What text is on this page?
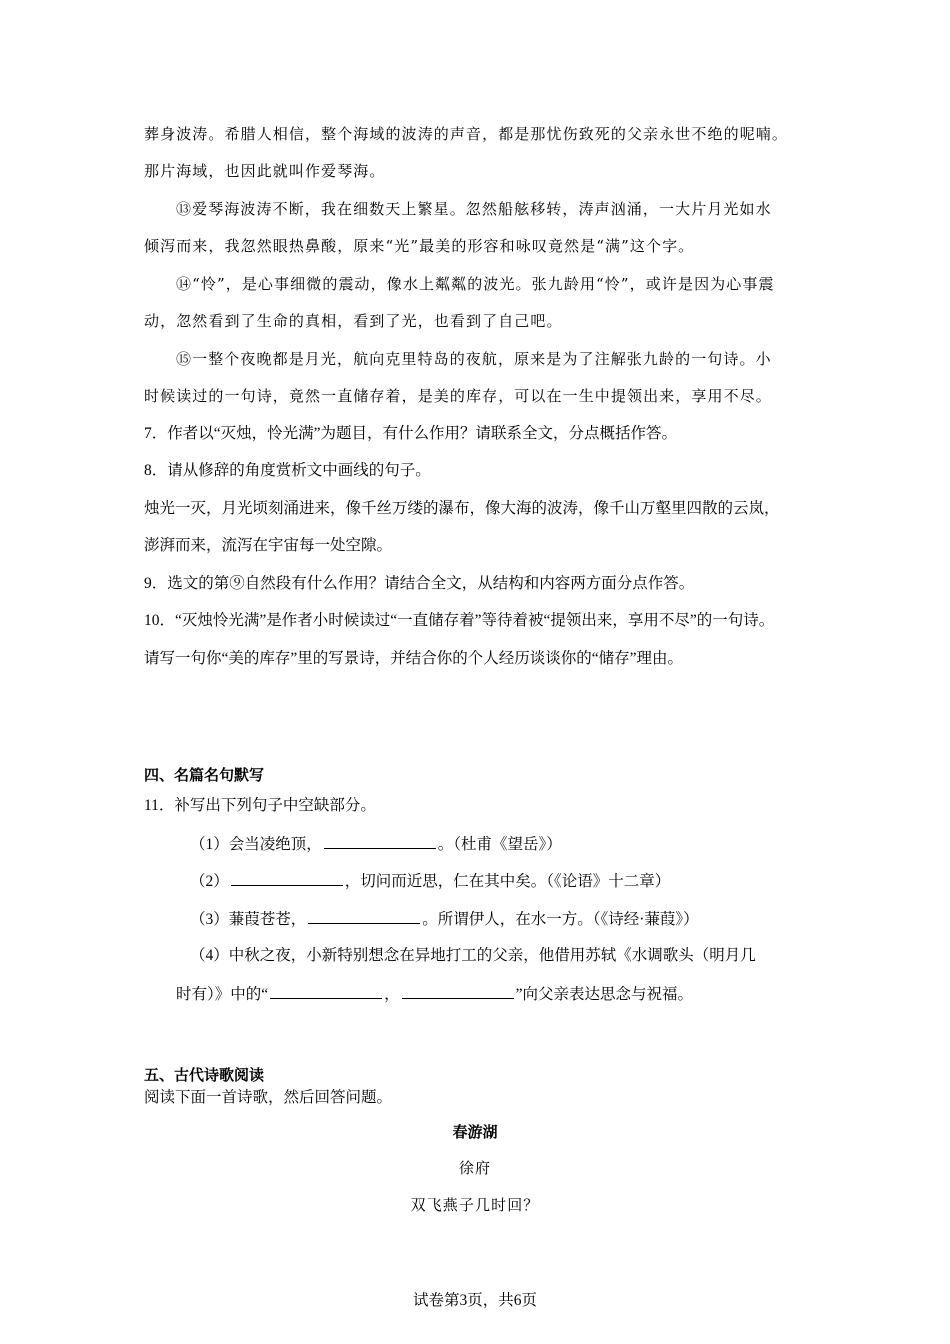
葬身波涛。希腊人相信，整个海域的波涛的声音，都是那忧伤致死的父亲永世不绝的呢喃。
那片海域，也因此就叫作爱琴海。
⑬爱琴海波涛不断，我在细数天上繁星。忽然船舷移转，涛声汹涌，一大片月光如水
倾泻而来，我忽然眼热鼻酸，原来“光”最美的形容和咏叹竟然是“满”这个字。
⑭“怜”，是心事细微的震动，像水上粼粼的波光。张九龄用“怜”，或许是因为心事震
动，忽然看到了生命的真相，看到了光，也看到了自己吧。
⑮一整个夜晚都是月光，航向克里特岛的夜航，原来是为了注解张九龄的一句诗。小
时候读过的一句诗，竟然一直储存着，是美的库存，可以在一生中提领出来，享用不尽。
7．作者以“灭烛，怜光满”为题目，有什么作用？请联系全文，分点概括作答。
8．请从修辞的角度赏析文中画线的句子。
烛光一灭，月光顷刻涌进来，像千丝万缕的瀑布，像大海的波涛，像千山万壑里四散的云岚，
澎湃而来，流泻在宇宙每一处空隙。
9．选文的第⑨自然段有什么作用？请结合全文，从结构和内容两方面分点作答。
10．“灭烛怜光满”是作者小时候读过“一直储存着”等待着被“提领出来，享用不尽”的一句诗。
请写一句你“美的库存”里的写景诗，并结合你的个人经历谈谈你的“储存”理由。
四、名篇名句默写
11．补写出下列句子中空缺部分。
（1）会当凌绝顶，	。（杜甫《望岳》）
（2）	，切问而近思，仁在其中矣。（《论语》十二章）
（3）蒹葭苍苍，	。所谓伊人，在水一方。（《诗经·蒹葭》）
（4）中秋之夜，小新特别想念在异地打工的父亲，他借用苏轼《水调歌头（明月几
时有）》中的“	，	”向父亲表达思念与祝福。
五、古代诗歌阅读
阅读下面一首诗歌，然后回答问题。
春游湖
徐府
双飞燕子几时回？
试卷第3页，共6页
